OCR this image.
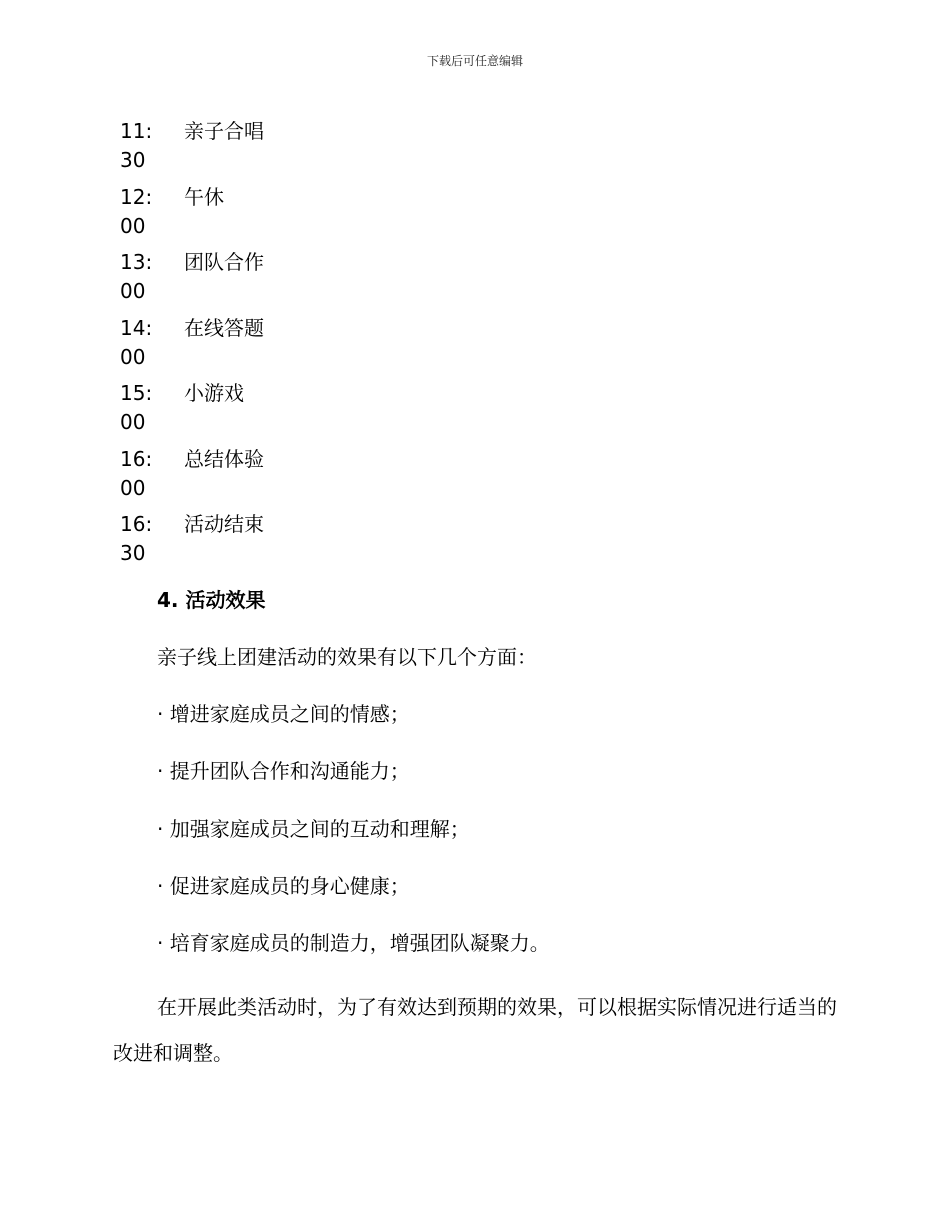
下载后可任意编辑
11:30
亲子合唱
12:00
午休
13:00
团队合作
14:00
在线答题
15:00
小游戏
16:00
总结体验
16:30
活动结束
4. 活动效果
亲子线上团建活动的效果有以下几个方面：
· 增进家庭成员之间的情感；
· 提升团队合作和沟通能力；
· 加强家庭成员之间的互动和理解；
· 促进家庭成员的身心健康；
· 培育家庭成员的制造力，增强团队凝聚力。

在开展此类活动时，为了有效达到预期的效果，可以根据实际情况进行适当的改进和调整。
